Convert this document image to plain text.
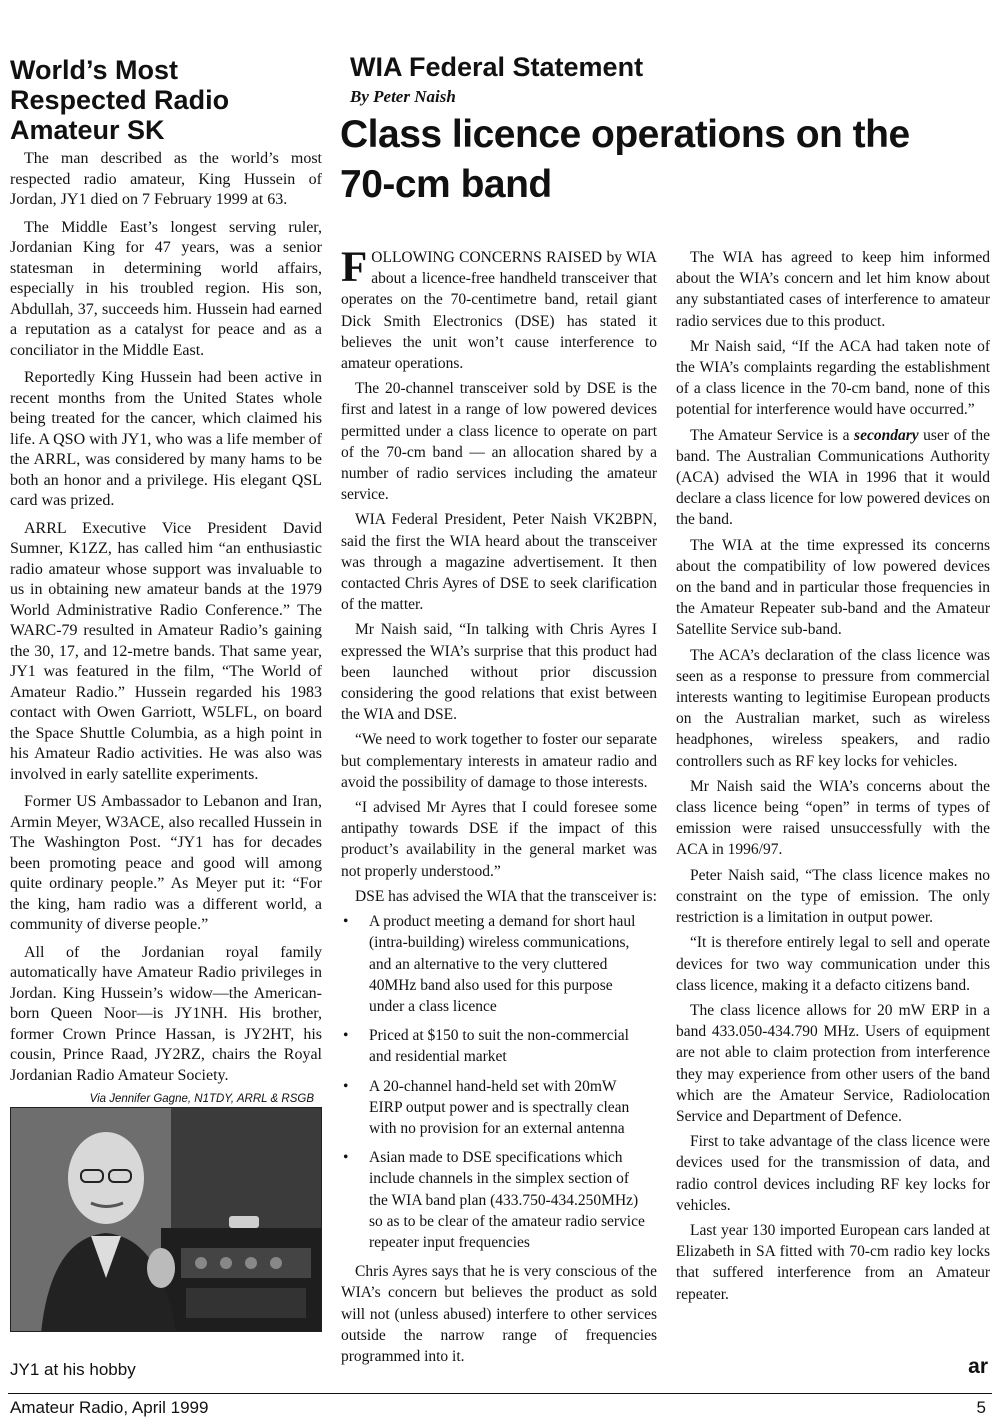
World’s Most
Respected Radio
Amateur SK

The man described as the world’s most respected radio amateur, King Hussein of Jordan, JY1 died on 7 February 1999 at 63.

The Middle East’s longest serving ruler, Jordanian King for 47 years, was a senior statesman in determining world affairs, especially in his troubled region. His son, Abdullah, 37, succeeds him. Hussein had earned a reputation as a catalyst for peace and as a conciliator in the Middle East.

Reportedly King Hussein had been active in recent months from the United States whole being treated for the cancer, which claimed his life. A QSO with JY1, who was a life member of the ARRL, was considered by many hams to be both an honor and a privilege. His elegant QSL card was prized.

ARRL Executive Vice President David Sumner, K1ZZ, has called him “an enthusiastic radio amateur whose support was invaluable to us in obtaining new amateur bands at the 1979 World Administrative Radio Conference.” The WARC-79 resulted in Amateur Radio’s gaining the 30, 17, and 12-metre bands. That same year, JY1 was featured in the film, “The World of Amateur Radio.” Hussein regarded his 1983 contact with Owen Garriott, W5LFL, on board the Space Shuttle Columbia, as a high point in his Amateur Radio activities. He was also was involved in early satellite experiments.

Former US Ambassador to Lebanon and Iran, Armin Meyer, W3ACE, also recalled Hussein in The Washington Post. “JY1 has for decades been promoting peace and good will among quite ordinary people.” As Meyer put it: “For the king, ham radio was a different world, a community of diverse people.”

All of the Jordanian royal family automatically have Amateur Radio privileges in Jordan. King Hussein’s widow—the American-born Queen Noor—is JY1NH. His brother, former Crown Prince Hassan, is JY2HT, his cousin, Prince Raad, JY2RZ, chairs the Royal Jordanian Radio Amateur Society.

Via Jennifer Gagne, N1TDY, ARRL & RSGB
JY1 at his hobby
WIA Federal Statement
By Peter Naish
Class licence operations on the
70-cm band

FOLLOWING CONCERNS RAISED by WIA about a licence-free handheld transceiver that operates on the 70-centimetre band, retail giant Dick Smith Electronics (DSE) has stated it believes the unit won’t cause interference to amateur operations.

The 20-channel transceiver sold by DSE is the first and latest in a range of low powered devices permitted under a class licence to operate on part of the 70-cm band — an allocation shared by a number of radio services including the amateur service.

WIA Federal President, Peter Naish VK2BPN, said the first the WIA heard about the transceiver was through a magazine advertisement. It then contacted Chris Ayres of DSE to seek clarification of the matter.

Mr Naish said, “In talking with Chris Ayres I expressed the WIA’s surprise that this product had been launched without prior discussion considering the good relations that exist between the WIA and DSE.

“We need to work together to foster our separate but complementary interests in amateur radio and avoid the possibility of damage to those interests.

“I advised Mr Ayres that I could foresee some antipathy towards DSE if the impact of this product’s availability in the general market was not properly understood.”

DSE has advised the WIA that the transceiver is:

• A product meeting a demand for short haul (intra-building) wireless communications, and an alternative to the very cluttered 40MHz band also used for this purpose under a class licence
• Priced at $150 to suit the non-commercial and residential market
• A 20-channel hand-held set with 20mW EIRP output power and is spectrally clean with no provision for an external antenna
• Asian made to DSE specifications which include channels in the simplex section of the WIA band plan (433.750-434.250MHz) so as to be clear of the amateur radio service repeater input frequencies

Chris Ayres says that he is very conscious of the WIA’s concern but believes the product as sold will not (unless abused) interfere to other services outside the narrow range of frequencies programmed into it.

The WIA has agreed to keep him informed about the WIA’s concern and let him know about any substantiated cases of interference to amateur radio services due to this product.

Mr Naish said, “If the ACA had taken note of the WIA’s complaints regarding the establishment of a class licence in the 70-cm band, none of this potential for interference would have occurred.”

The Amateur Service is a secondary user of the band. The Australian Communications Authority (ACA) advised the WIA in 1996 that it would declare a class licence for low powered devices on the band.

The WIA at the time expressed its concerns about the compatibility of low powered devices on the band and in particular those frequencies in the Amateur Repeater sub-band and the Amateur Satellite Service sub-band.

The ACA’s declaration of the class licence was seen as a response to pressure from commercial interests wanting to legitimise European products on the Australian market, such as wireless headphones, wireless speakers, and radio controllers such as RF key locks for vehicles.

Mr Naish said the WIA’s concerns about the class licence being “open” in terms of types of emission were raised unsuccessfully with the ACA in 1996/97.

Peter Naish said, “The class licence makes no constraint on the type of emission. The only restriction is a limitation in output power.

“It is therefore entirely legal to sell and operate devices for two way communication under this class licence, making it a defacto citizens band.

The class licence allows for 20 mW ERP in a band 433.050-434.790 MHz. Users of equipment are not able to claim protection from interference they may experience from other users of the band which are the Amateur Service, Radiolocation Service and Department of Defence.

First to take advantage of the class licence were devices used for the transmission of data, and radio control devices including RF key locks for vehicles.

Last year 130 imported European cars landed at Elizabeth in SA fitted with 70-cm radio key locks that suffered interference from an Amateur repeater.

ar
Amateur Radio, April 1999	5
